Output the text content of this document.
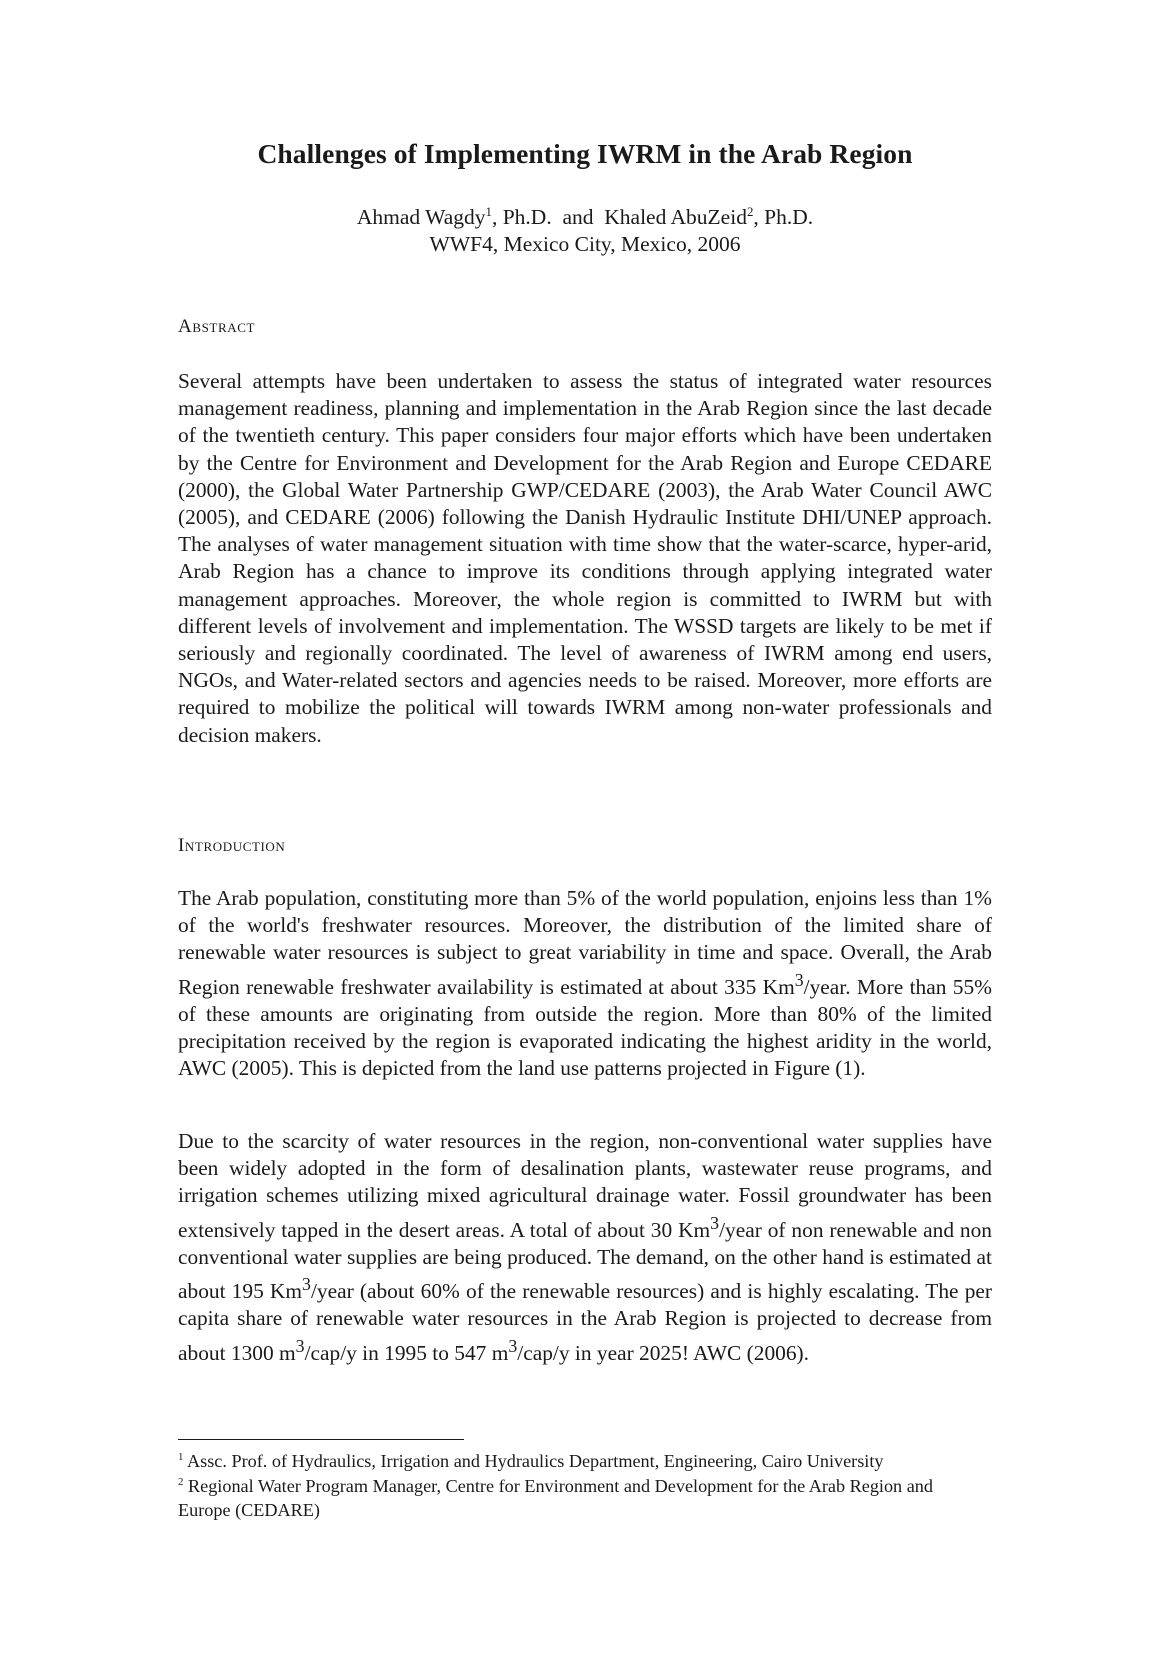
Challenges of Implementing IWRM in the Arab Region
Ahmad Wagdy$^1$, Ph.D.  and  Khaled AbuZeid$^2$, Ph.D.
WWF4, Mexico City, Mexico, 2006
Abstract
Several attempts have been undertaken to assess the status of integrated water resources management readiness, planning and implementation in the Arab Region since the last decade of the twentieth century. This paper considers four major efforts which have been undertaken by the Centre for Environment and Development for the Arab Region and Europe CEDARE (2000), the Global Water Partnership GWP/CEDARE (2003), the Arab Water Council AWC (2005), and CEDARE (2006) following the Danish Hydraulic Institute DHI/UNEP approach. The analyses of water management situation with time show that the water-scarce, hyper-arid, Arab Region has a chance to improve its conditions through applying integrated water management approaches. Moreover, the whole region is committed to IWRM but with different levels of involvement and implementation. The WSSD targets are likely to be met if seriously and regionally coordinated. The level of awareness of IWRM among end users, NGOs, and Water-related sectors and agencies needs to be raised. Moreover, more efforts are required to mobilize the political will towards IWRM among non-water professionals and decision makers.
Introduction
The Arab population, constituting more than 5% of the world population, enjoins less than 1% of the world's freshwater resources. Moreover, the distribution of the limited share of renewable water resources is subject to great variability in time and space. Overall, the Arab Region renewable freshwater availability is estimated at about 335 Km$^3$/year. More than 55% of these amounts are originating from outside the region. More than 80% of the limited precipitation received by the region is evaporated indicating the highest aridity in the world, AWC (2005). This is depicted from the land use patterns projected in Figure (1).
Due to the scarcity of water resources in the region, non-conventional water supplies have been widely adopted in the form of desalination plants, wastewater reuse programs, and irrigation schemes utilizing mixed agricultural drainage water. Fossil groundwater has been extensively tapped in the desert areas. A total of about 30 Km$^3$/year of non renewable and non conventional water supplies are being produced. The demand, on the other hand is estimated at about 195 Km$^3$/year (about 60% of the renewable resources) and is highly escalating. The per capita share of renewable water resources in the Arab Region is projected to decrease from about 1300 $m^3/cap/y$ in 1995 to 547 $m^3/cap/y$ in year 2025! AWC (2006).

$^1$ Assc. Prof. of Hydraulics, Irrigation and Hydraulics Department, Engineering, Cairo University

$^2$ Regional Water Program Manager, Centre for Environment and Development for the Arab Region and Europe (CEDARE)
